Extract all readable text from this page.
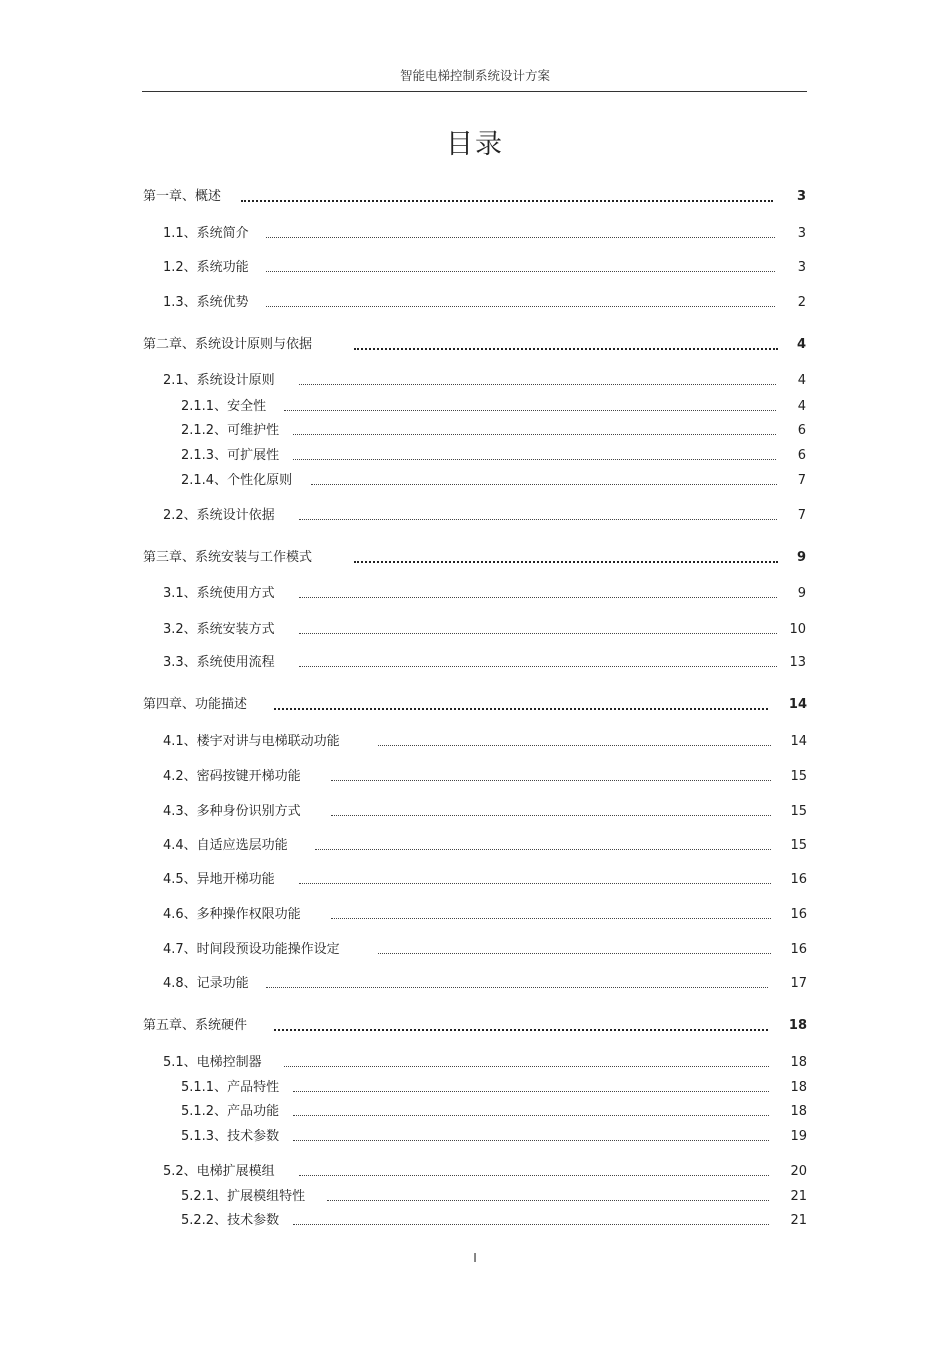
智能电梯控制系统设计方案
目录
第一章、概述	3
1.1、系统简介	3
1.2、系统功能	3
1.3、系统优势	2
第二章、系统设计原则与依据	4
2.1、系统设计原则	4
2.1.1、安全性	4
2.1.2、可维护性	6
2.1.3、可扩展性	6
2.1.4、个性化原则	7
2.2、系统设计依据	7
第三章、系统安装与工作模式	9
3.1、系统使用方式	9
3.2、系统安装方式	10
3.3、系统使用流程	13
第四章、功能描述	14
4.1、楼宇对讲与电梯联动功能	14
4.2、密码按键开梯功能	15
4.3、多种身份识别方式	15
4.4、自适应选层功能	15
4.5、异地开梯功能	16
4.6、多种操作权限功能	16
4.7、时间段预设功能操作设定	16
4.8、记录功能	17
第五章、系统硬件	18
5.1、电梯控制器	18
5.1.1、产品特性	18
5.1.2、产品功能	18
5.1.3、技术参数	19
5.2、电梯扩展模组	20
5.2.1、扩展模组特性	21
5.2.2、技术参数	21
I
